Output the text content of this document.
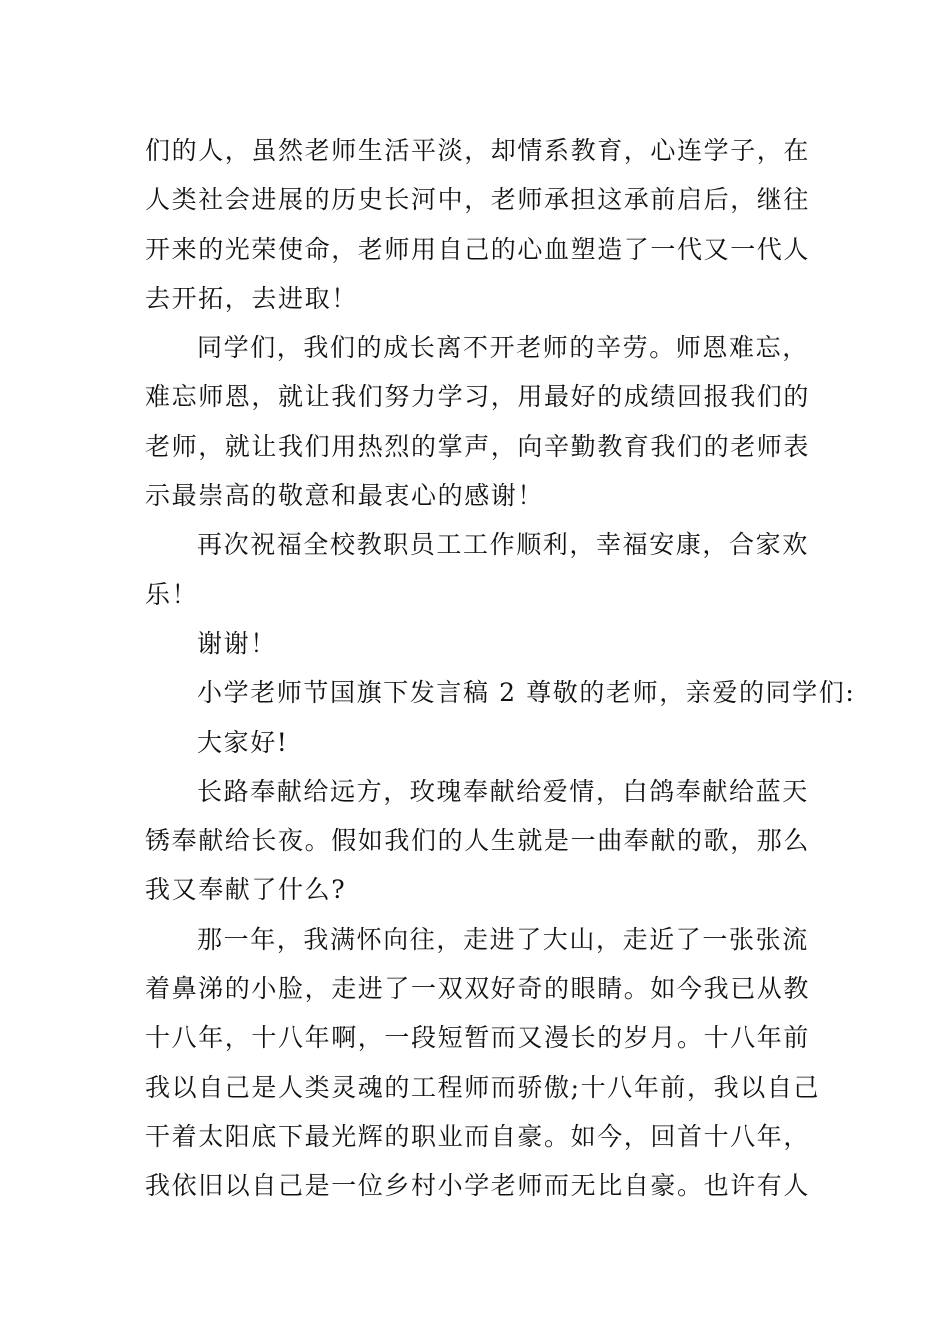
们的人，虽然老师生活平淡，却情系教育，心连学子，在
人类社会进展的历史长河中，老师承担这承前启后，继往
开来的光荣使命，老师用自己的心血塑造了一代又一代人
去开拓，去进取！
同学们，我们的成长离不开老师的辛劳。师恩难忘，
难忘师恩，就让我们努力学习，用最好的成绩回报我们的
老师，就让我们用热烈的掌声，向辛勤教育我们的老师表
示最崇高的敬意和最衷心的感谢！
再次祝福全校教职员工工作顺利，幸福安康，合家欢
乐！
谢谢！
小学老师节国旗下发言稿 2 尊敬的老师，亲爱的同学们:
大家好!
长路奉献给远方，玫瑰奉献给爱情，白鸽奉献给蓝天
锈奉献给长夜。假如我们的人生就是一曲奉献的歌，那么
我又奉献了什么?
那一年，我满怀向往，走进了大山，走近了一张张流
着鼻涕的小脸，走进了一双双好奇的眼睛。如今我已从教
十八年，十八年啊，一段短暂而又漫长的岁月。十八年前
我以自己是人类灵魂的工程师而骄傲;十八年前，我以自己
干着太阳底下最光辉的职业而自豪。如今，回首十八年，
我依旧以自己是一位乡村小学老师而无比自豪。也许有人
